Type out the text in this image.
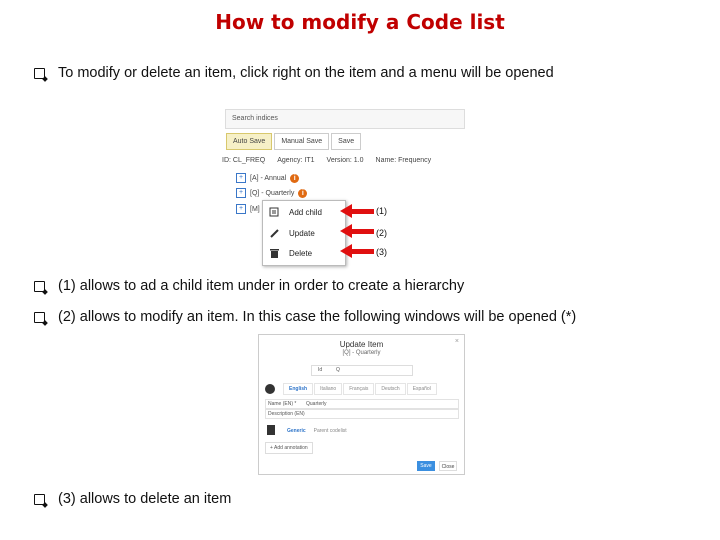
How to modify a Code list
To modify or delete an item, click right on the item and a menu will be opened
Search indices
Auto Save	Manual Save	Save
ID: CL_FREQ Agency: IT1 Version: 1.0 Name: Frequency
+ [A] - Annual	i
+ [Q] - Quarterly	i
+ [M]	Add child
Update
Delete
(1)
(2)
(3)
(1) allows to ad a child item under in order to create a hierarchy
(2) allows to modify an item. In this case the following windows will be opened (*)
Update Item
[Q] - Quarterly
×
Id	Q
English	Italiano	Français	Deutsch	Español
Name (EN) * Quarterly
Description (EN)
Generic	Parent codelist
+ Add annotation
Save	Close
(3) allows to delete an item
